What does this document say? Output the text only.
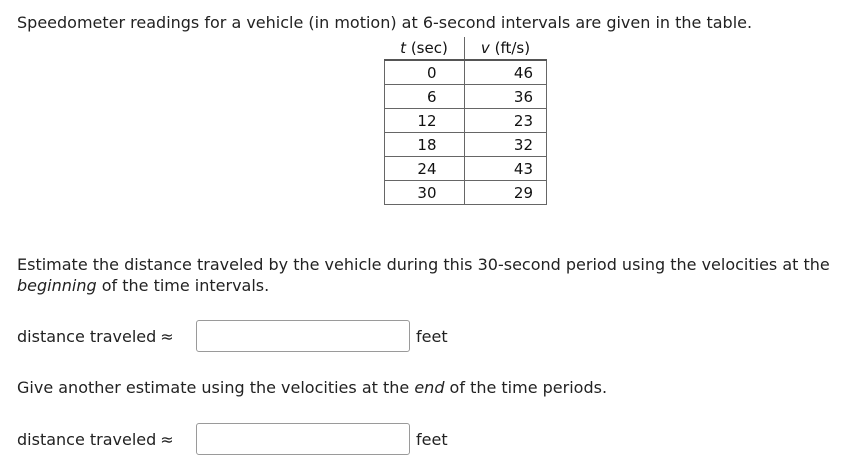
Speedometer readings for a vehicle (in motion) at 6-second intervals are given in the table.
t (sec)	v (ft/s)
0	46
6	36
12	23
18	32
24	43
30	29
Estimate the distance traveled by the vehicle during this 30-second period using the velocities at the beginning of the time intervals.
distance traveled ≈	feet
Give another estimate using the velocities at the end of the time periods.
distance traveled ≈	feet
